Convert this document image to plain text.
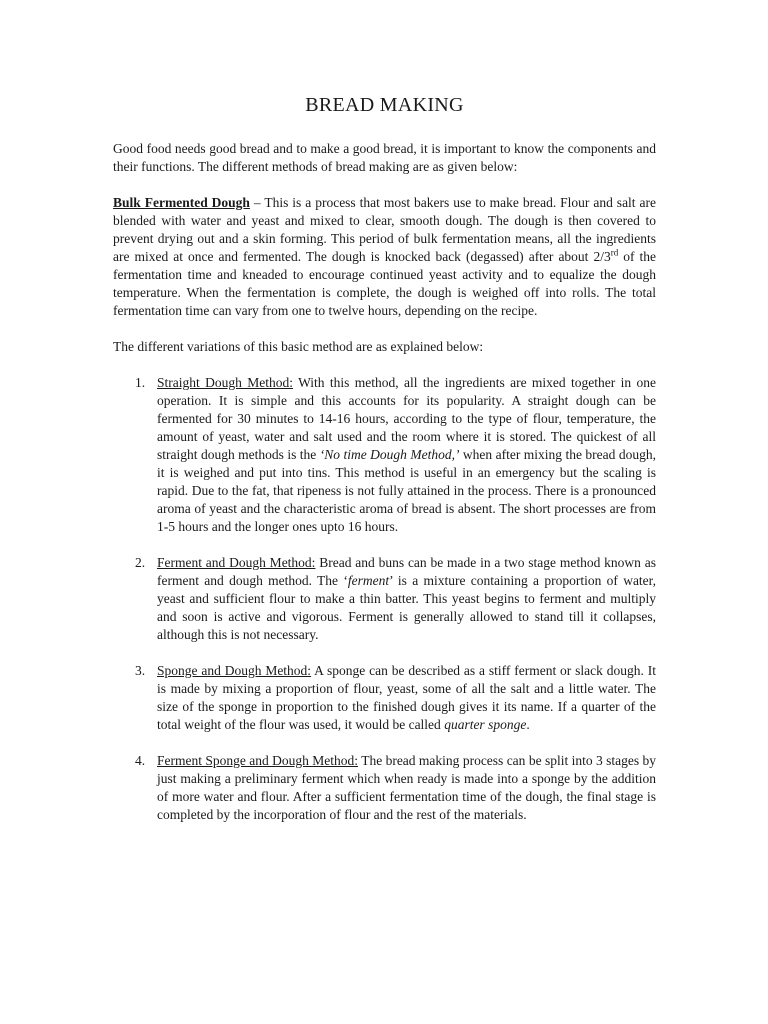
BREAD MAKING

Good food needs good bread and to make a good bread, it is important to know the components and their functions. The different methods of bread making are as given below:

Bulk Fermented Dough – This is a process that most bakers use to make bread. Flour and salt are blended with water and yeast and mixed to clear, smooth dough. The dough is then covered to prevent drying out and a skin forming. This period of bulk fermentation means, all the ingredients are mixed at once and fermented. The dough is knocked back (degassed) after about 2/3rd of the fermentation time and kneaded to encourage continued yeast activity and to equalize the dough temperature. When the fermentation is complete, the dough is weighed off into rolls. The total fermentation time can vary from one to twelve hours, depending on the recipe.

The different variations of this basic method are as explained below:

1. Straight Dough Method: With this method, all the ingredients are mixed together in one operation. It is simple and this accounts for its popularity. A straight dough can be fermented for 30 minutes to 14-16 hours, according to the type of flour, temperature, the amount of yeast, water and salt used and the room where it is stored. The quickest of all straight dough methods is the ‘No time Dough Method,’ when after mixing the bread dough, it is weighed and put into tins. This method is useful in an emergency but the scaling is rapid. Due to the fat, that ripeness is not fully attained in the process. There is a pronounced aroma of yeast and the characteristic aroma of bread is absent. The short processes are from 1-5 hours and the longer ones upto 16 hours.

2. Ferment and Dough Method: Bread and buns can be made in a two stage method known as ferment and dough method. The ‘ferment’ is a mixture containing a proportion of water, yeast and sufficient flour to make a thin batter. This yeast begins to ferment and multiply and soon is active and vigorous. Ferment is generally allowed to stand till it collapses, although this is not necessary.

3. Sponge and Dough Method: A sponge can be described as a stiff ferment or slack dough. It is made by mixing a proportion of flour, yeast, some of all the salt and a little water. The size of the sponge in proportion to the finished dough gives it its name. If a quarter of the total weight of the flour was used, it would be called quarter sponge.

4. Ferment Sponge and Dough Method: The bread making process can be split into 3 stages by just making a preliminary ferment which when ready is made into a sponge by the addition of more water and flour. After a sufficient fermentation time of the dough, the final stage is completed by the incorporation of flour and the rest of the materials.
